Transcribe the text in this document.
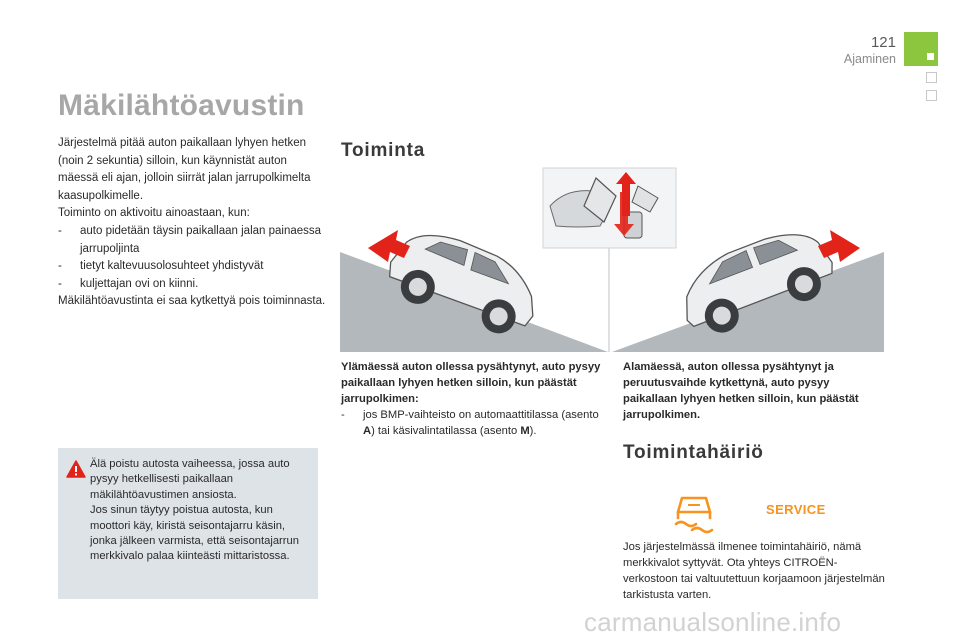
121
Ajaminen
Mäkilähtöavustin

Järjestelmä pitää auton paikallaan lyhyen hetken (noin 2 sekuntia) silloin, kun käynnistät auton mäessä eli ajan, jolloin siirrät jalan jarrupolkimelta kaasupolkimelle.

Toiminto on aktivoitu ainoastaan, kun:

-	auto pidetään täysin paikallaan jalan painaessa jarrupoljinta
-	tietyt kaltevuusolosuhteet yhdistyvät
-	kuljettajan ovi on kiinni.

Mäkilähtöavustinta ei saa kytkettyä pois toiminnasta.

Älä poistu autosta vaiheessa, jossa auto pysyy hetkellisesti paikallaan mäkilähtöavustimen ansiosta.

Jos sinun täytyy poistua autosta, kun moottori käy, kiristä seisontajarru käsin, jonka jälkeen varmista, että seisontajarrun merkkivalo palaa kiinteästi mittaristossa.

Toiminta

Ylämäessä auton ollessa pysähtynyt, auto pysyy paikallaan lyhyen hetken silloin, kun päästät jarrupolkimen:

-	jos BMP-vaihteisto on automaattitilassa (asento A) tai käsivalintatilassa (asento M).
Alamäessä, auton ollessa pysähtynyt ja peruutusvaihde kytkettynä, auto pysyy paikallaan lyhyen hetken silloin, kun päästät jarrupolkimen.
Toimintahäiriö
SERVICE

Jos järjestelmässä ilmenee toimintahäiriö, nämä merkkivalot syttyvät. Ota yhteys CITROËN-verkostoon tai valtuutettuun korjaamoon järjestelmän tarkistusta varten.

carmanualsonline.info
